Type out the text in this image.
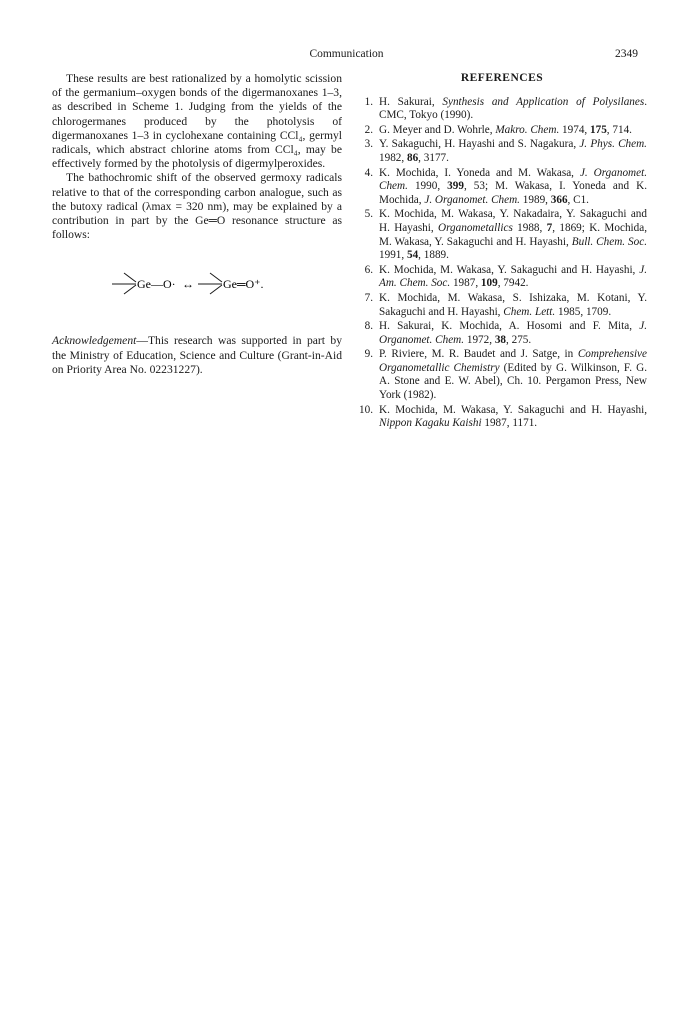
Communication	2349

These results are best rationalized by a homolytic scission of the germanium–oxygen bonds of the digermanoxanes 1–3, as described in Scheme 1. Judging from the yields of the chlorogermanes produced by the photolysis of digermanoxanes 1–3 in cyclohexane containing CCl₄, germyl radicals, which abstract chlorine atoms from CCl₄, may be effectively formed by the photolysis of digermylperoxides.

The bathochromic shift of the observed germoxy radicals relative to that of the corresponding carbon analogue, such as the butoxy radical (λmax = 320 nm), may be explained by a contribution in part by the Ge═O resonance structure as follows:

Ge—O· ↔ Ge═O⁺.

Acknowledgement—This research was supported in part by the Ministry of Education, Science and Culture (Grant-in-Aid on Priority Area No. 02231227).

REFERENCES
1. H. Sakurai, Synthesis and Application of Polysilanes. CMC, Tokyo (1990).
2. G. Meyer and D. Wohrle, Makro. Chem. 1974, 175, 714.
3. Y. Sakaguchi, H. Hayashi and S. Nagakura, J. Phys. Chem. 1982, 86, 3177.
4. K. Mochida, I. Yoneda and M. Wakasa, J. Organomet. Chem. 1990, 399, 53; M. Wakasa, I. Yoneda and K. Mochida, J. Organomet. Chem. 1989, 366, C1.
5. K. Mochida, M. Wakasa, Y. Nakadaira, Y. Sakaguchi and H. Hayashi, Organometallics 1988, 7, 1869; K. Mochida, M. Wakasa, Y. Sakaguchi and H. Hayashi, Bull. Chem. Soc. 1991, 54, 1889.
6. K. Mochida, M. Wakasa, Y. Sakaguchi and H. Hayashi, J. Am. Chem. Soc. 1987, 109, 7942.
7. K. Mochida, M. Wakasa, S. Ishizaka, M. Kotani, Y. Sakaguchi and H. Hayashi, Chem. Lett. 1985, 1709.
8. H. Sakurai, K. Mochida, A. Hosomi and F. Mita, J. Organomet. Chem. 1972, 38, 275.
9. P. Riviere, M. R. Baudet and J. Satge, in Comprehensive Organometallic Chemistry (Edited by G. Wilkinson, F. G. A. Stone and E. W. Abel), Ch. 10. Pergamon Press, New York (1982).
10. K. Mochida, M. Wakasa, Y. Sakaguchi and H. Hayashi, Nippon Kagaku Kaishi 1987, 1171.
